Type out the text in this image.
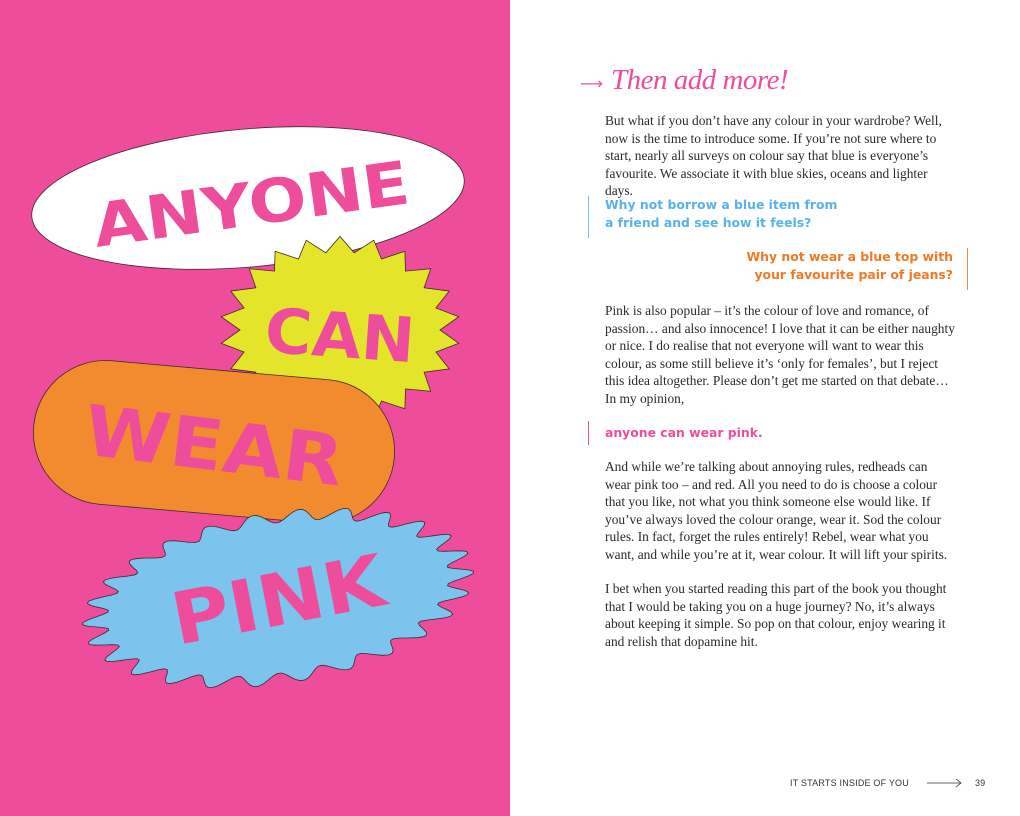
ANYONE
CAN
WEAR
PINK
⟶ Then add more!

But what if you don’t have any colour in your wardrobe? Well, now is the time to introduce some. If you’re not sure where to start, nearly all surveys on colour say that blue is everyone’s favourite. We associate it with blue skies, oceans and lighter days.

Why not borrow a blue item from
a friend and see how it feels?
Why not wear a blue top with
your favourite pair of jeans?

Pink is also popular – it’s the colour of love and romance, of passion… and also innocence! I love that it can be either naughty or nice. I do realise that not everyone will want to wear this colour, as some still believe it’s ‘only for females’, but I reject this idea altogether. Please don’t get me started on that debate…In my opinion,

anyone can wear pink.

And while we’re talking about annoying rules, redheads can wear pink too – and red. All you need to do is choose a colour that you like, not what you think someone else would like. If you’ve always loved the colour orange, wear it. Sod the colour rules. In fact, forget the rules entirely! Rebel, wear what you want, and while you’re at it, wear colour. It will lift your spirits.

I bet when you started reading this part of the book you thought that I would be taking you on a huge journey? No, it’s always about keeping it simple. So pop on that colour, enjoy wearing it and relish that dopamine hit.

IT STARTS INSIDE OF YOU	39
